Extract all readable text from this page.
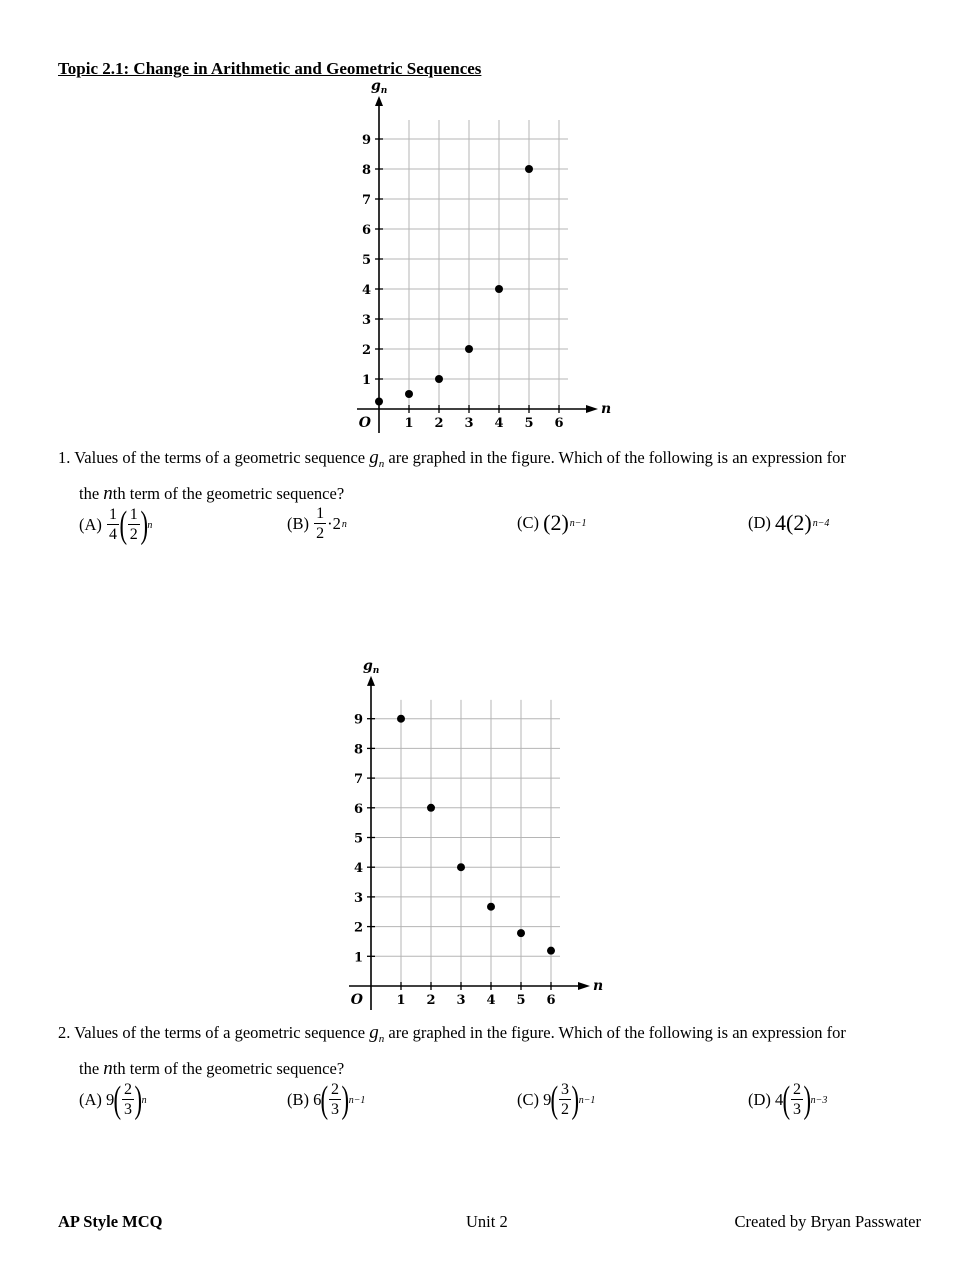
Topic 2.1: Change in Arithmetic and Geometric Sequences
1 2 3 4 5 6
1
2
3
4
5
6
7
8
9
O
n
$g_n$
1. Values of the terms of a geometric sequence $g_n$ are graphed in the figure. Which of the following is an expression for
the nth term of the geometric sequence?
(A)
$\frac{1}{4}$ ( $\frac{1}{2}$ ) n	(B)
$\frac{1}{2} \cdot 2$ n	(C)
( 2 ) n−1	(D)
4 ( 2 ) n−4
1 2 3 4 5 6
1
2
3
4
5
6
7
8
9
O
n
$g_n$
2. Values of the terms of a geometric sequence $g_n$ are graphed in the figure. Which of the following is an expression for
the nth term of the geometric sequence?
(A)
9 ( $\frac{2}{3}$ ) n	(B)
6 ( $\frac{2}{3}$ ) n−1	(C)
9 ( $\frac{3}{2}$ ) n−1	(D)
4 ( $\frac{2}{3}$ ) n−3
AP Style MCQ	Unit 2	Created by Bryan Passwater
